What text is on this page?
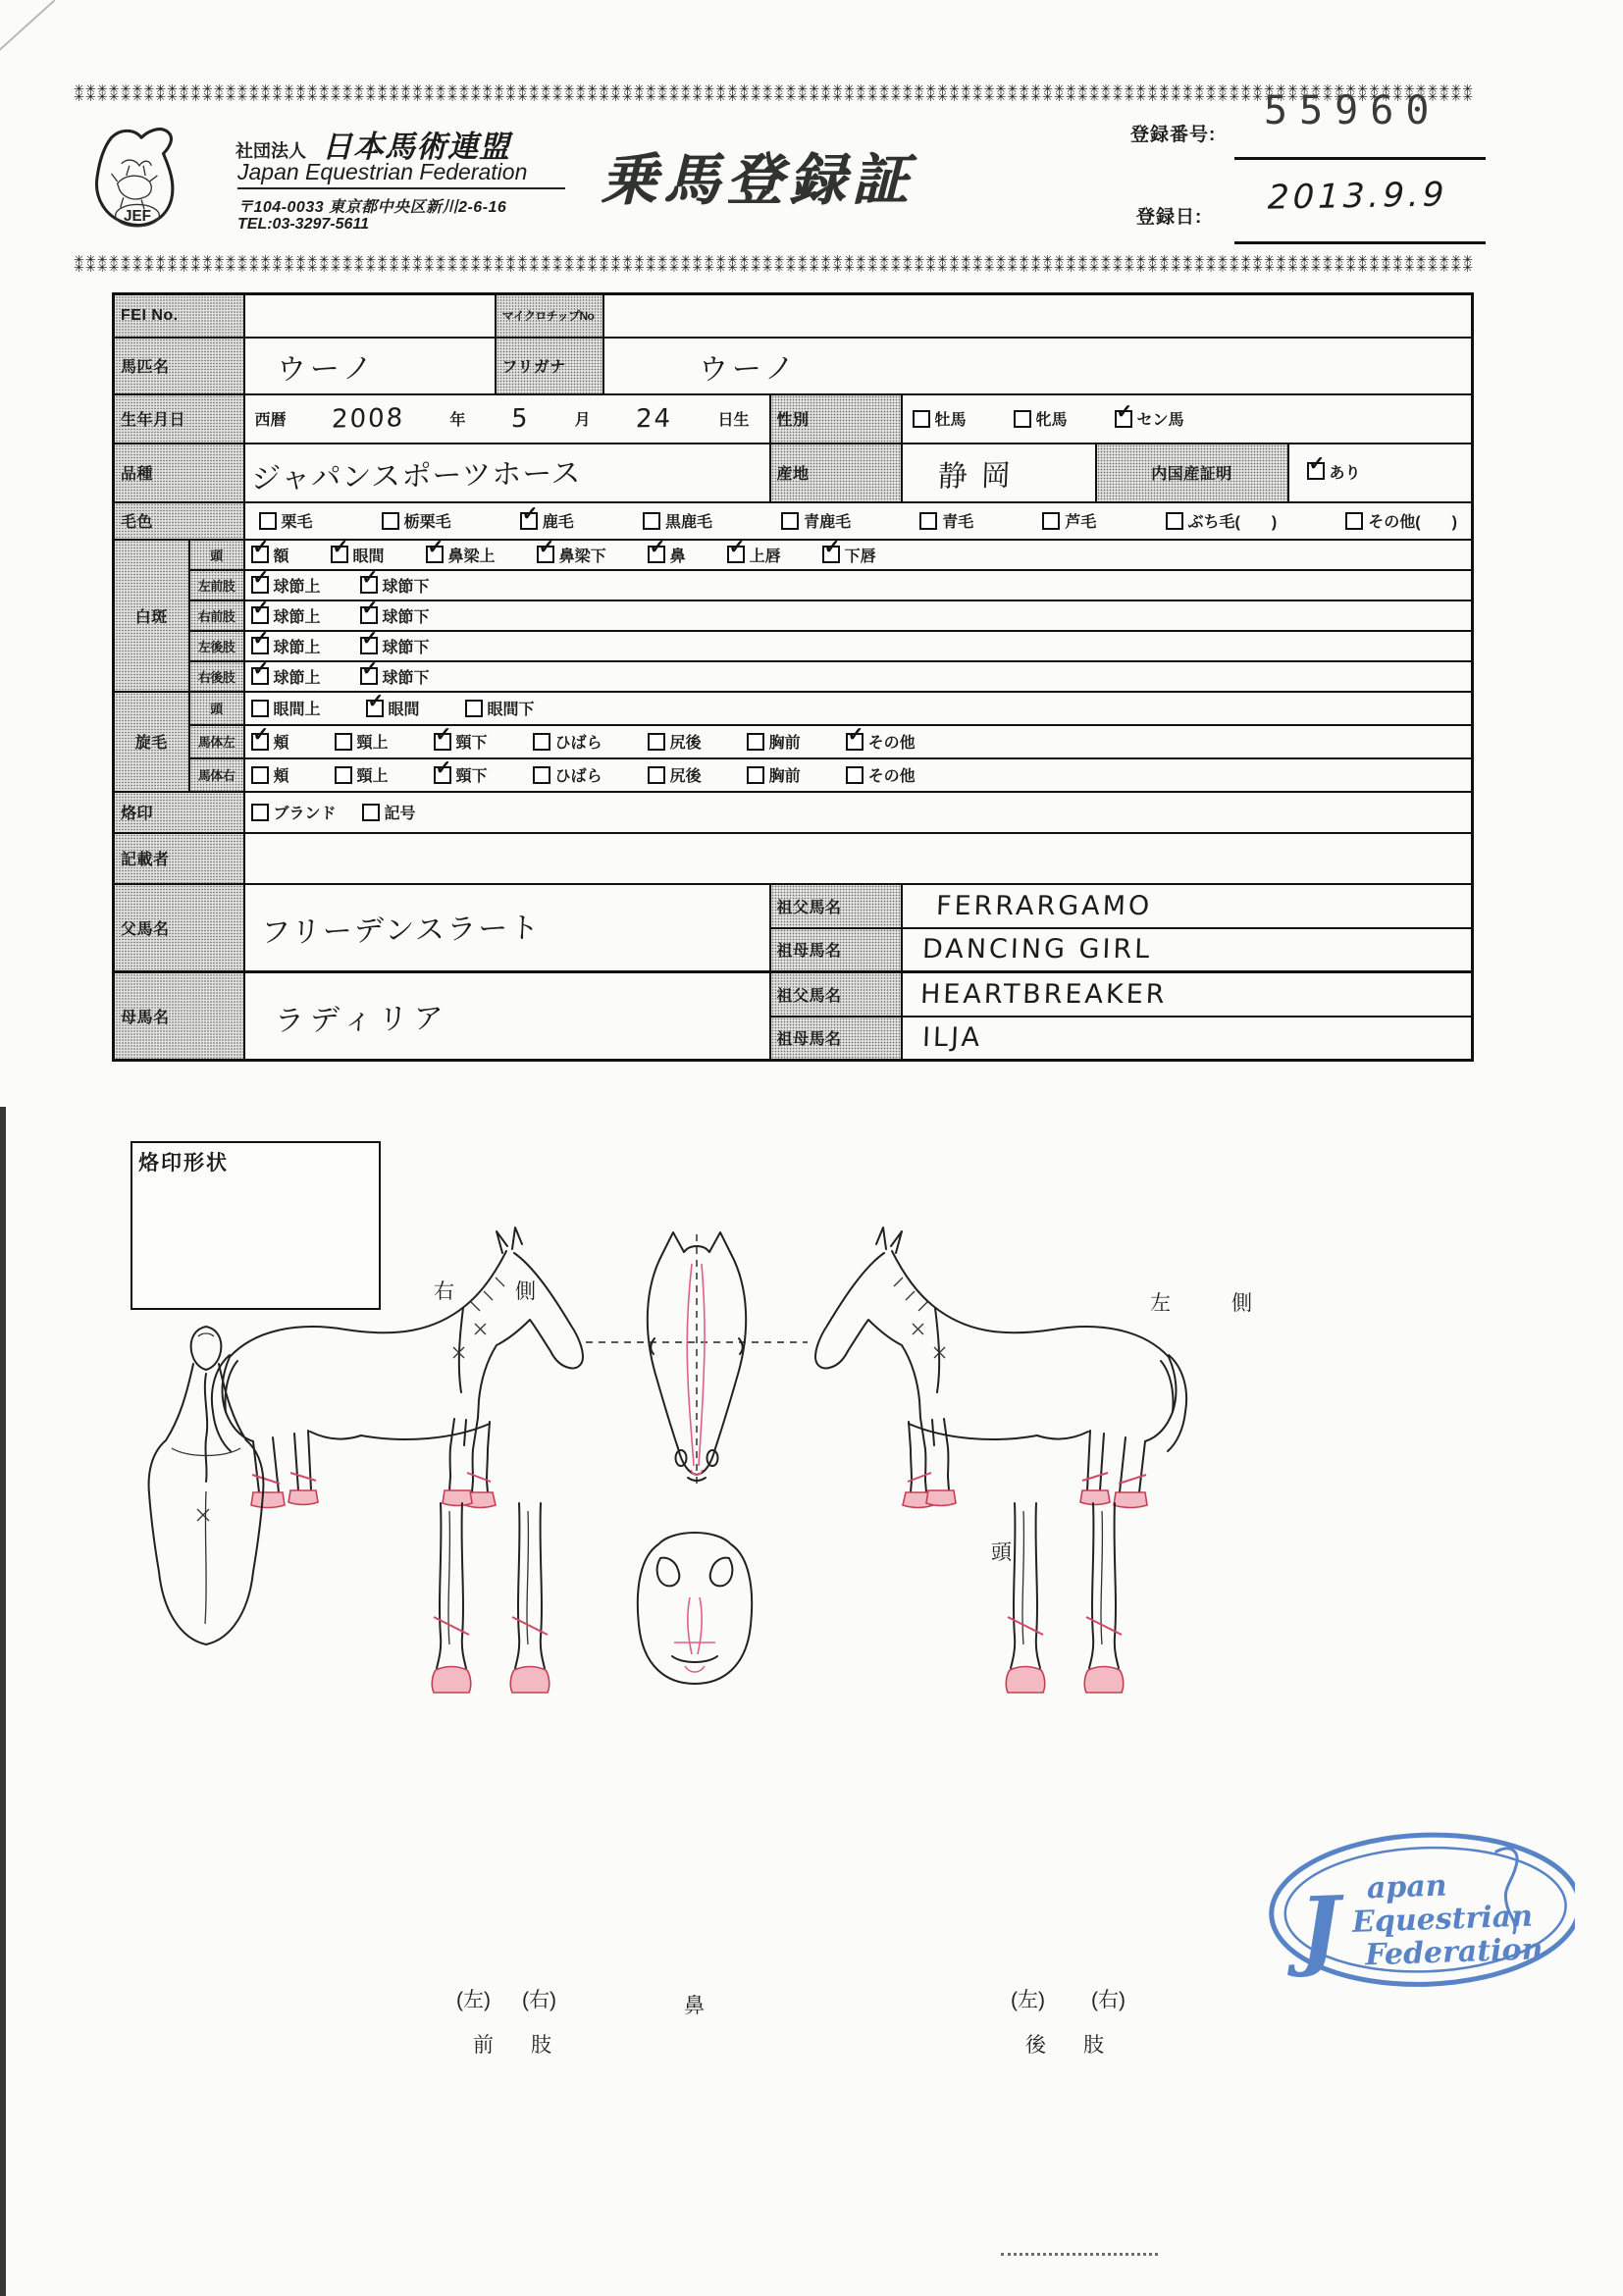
✳✳✳✳✳✳✳✳✳✳✳✳✳✳✳✳✳✳✳✳✳✳✳✳✳✳✳✳✳✳✳✳✳✳✳✳✳✳✳✳✳✳✳✳✳✳✳✳✳✳✳✳✳✳✳✳✳✳✳✳✳✳✳✳✳✳✳✳✳✳✳✳✳✳✳✳✳✳✳✳✳✳✳✳✳✳✳✳✳✳✳✳✳✳✳✳✳✳✳✳✳✳✳✳✳✳✳✳✳✳✳✳✳✳✳✳✳✳✳✳
✳✳✳✳✳✳✳✳✳✳✳✳✳✳✳✳✳✳✳✳✳✳✳✳✳✳✳✳✳✳✳✳✳✳✳✳✳✳✳✳✳✳✳✳✳✳✳✳✳✳✳✳✳✳✳✳✳✳✳✳✳✳✳✳✳✳✳✳✳✳✳✳✳✳✳✳✳✳✳✳✳✳✳✳✳✳✳✳✳✳✳✳✳✳✳✳✳✳✳✳✳✳✳✳✳✳✳✳✳✳✳✳✳✳✳✳✳✳✳✳
JEF
社団法人 日本馬術連盟
Japan Equestrian Federation
〒104-0033 東京都中央区新川2-6-16
TEL:03-3297-5611
乗馬登録証
登録番号:
55960
登録日: 2013.9.9
FEI No.			マイクロチップNo					
馬匹名		ウーノ	フリガナ	ウーノ				
生年月日	西暦 2008	年 5	月 24	日生	性別	牡馬	牝馬	✓ セン馬

品種		ジャパンスポーツホース			産地	静岡	内国産証明	✓ あり

毛色	栗毛	栃栗毛	✓ 鹿毛	黒鹿毛	青鹿毛	青毛	芦毛	ぶち毛(　　)	その他(　　)

白斑	頭	✓ 額 ✓ 眼間 ✓ 鼻梁上 ✓ 鼻梁下 ✓ 鼻 ✓ 上唇 ✓ 下唇

	左前肢	✓ 球節上 ✓ 球節下						

	右前肢	✓ 球節上 ✓ 球節下						

	左後肢	✓ 球節上 ✓ 球節下						

	右後肢	✓ 球節上 ✓ 球節下						

旋毛	頭	眼間上 ✓ 眼間 眼間下						

馬体左	✓ 頬	頸上 ✓ 頸下	ひばら	尻後	胸前 ✓ その他

馬体右	頬	頸上 ✓ 頸下	ひばら	尻後	胸前	その他

烙印		ブランド 記号						

記載者								
父馬名		フリーデンスラート			祖父馬名	FERRARGAMO		
					祖母馬名	DANCING GIRL		
母馬名		ラディリア			祖父馬名	HEARTBREAKER		
					祖母馬名	ILJA		
J apan
Equestrian
Federation
烙印形状
右側
左側
頭
(左) (右)
前肢
鼻	(左) (右)
後肢
